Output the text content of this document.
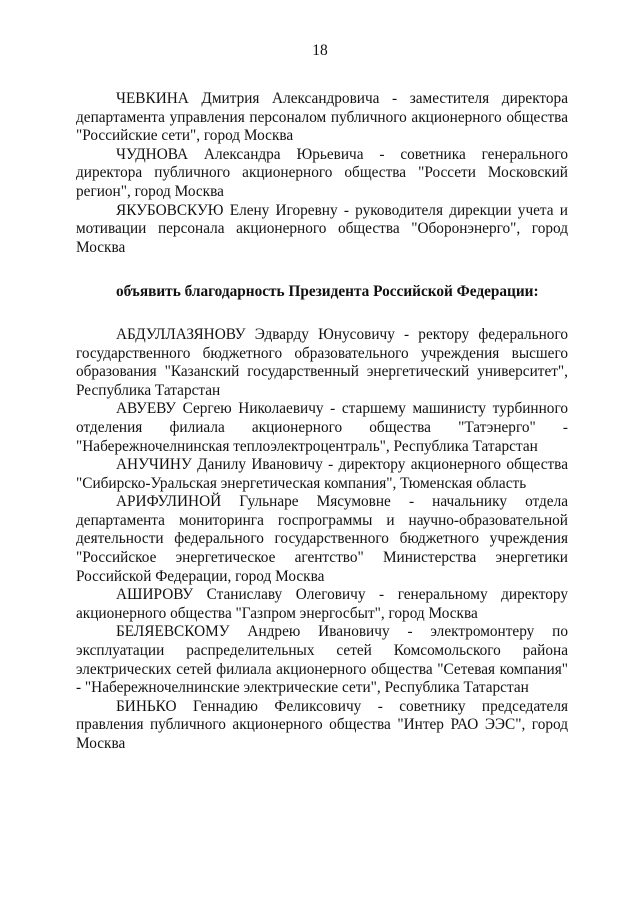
18

ЧЕВКИНА Дмитрия Александровича - заместителя директора департамента управления персоналом публичного акционерного общества "Российские сети", город Москва

ЧУДНОВА Александра Юрьевича - советника генерального директора публичного акционерного общества "Россети Московский регион", город Москва

ЯКУБОВСКУЮ Елену Игоревну - руководителя дирекции учета и мотивации персонала акционерного общества "Оборонэнерго", город Москва

объявить благодарность Президента Российской Федерации:

АБДУЛЛАЗЯНОВУ Эдварду Юнусовичу - ректору федерального государственного бюджетного образовательного учреждения высшего образования "Казанский государственный энергетический университет", Республика Татарстан

АВУЕВУ Сергею Николаевичу - старшему машинисту турбинного отделения филиала акционерного общества "Татэнерго" - "Набережночелнинская теплоэлектроцентраль", Республика Татарстан

АНУЧИНУ Данилу Ивановичу - директору акционерного общества "Сибирско-Уральская энергетическая компания", Тюменская область

АРИФУЛИНОЙ Гульнаре Мясумовне - начальнику отдела департамента мониторинга госпрограммы и научно-образовательной деятельности федерального государственного бюджетного учреждения "Российское энергетическое агентство" Министерства энергетики Российской Федерации, город Москва

АШИРОВУ Станиславу Олеговичу - генеральному директору акционерного общества "Газпром энергосбыт", город Москва

БЕЛЯЕВСКОМУ Андрею Ивановичу - электромонтеру по эксплуатации распределительных сетей Комсомольского района электрических сетей филиала акционерного общества "Сетевая компания" - "Набережночелнинские электрические сети", Республика Татарстан

БИНЬКО Геннадию Феликсовичу - советнику председателя правления публичного акционерного общества "Интер РАО ЭЭС", город Москва
